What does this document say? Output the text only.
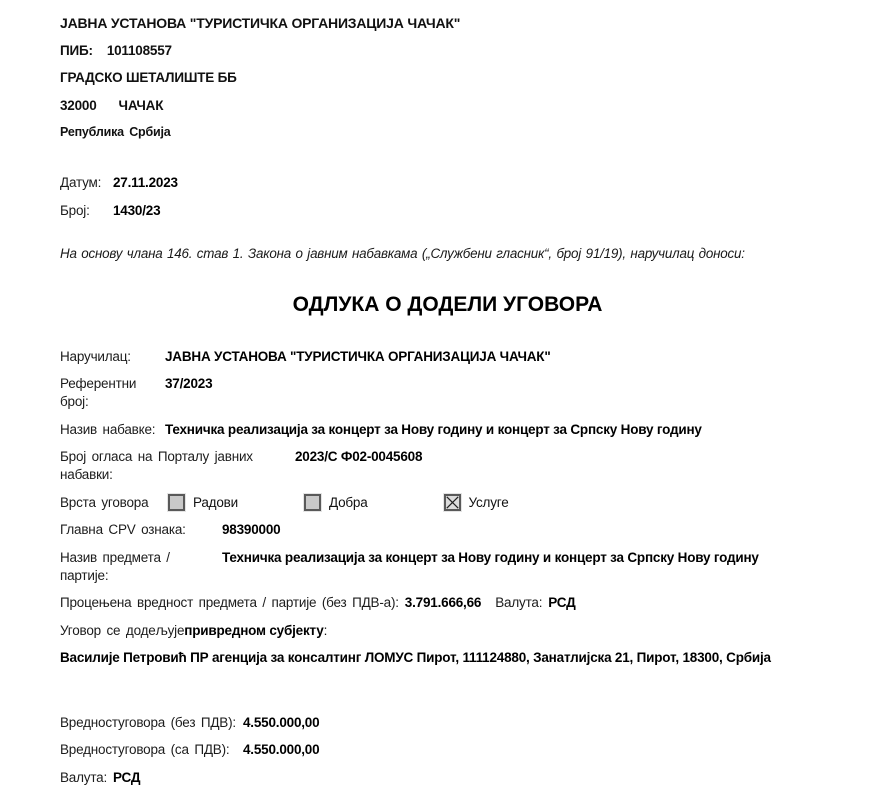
ЈАВНА УСТАНОВА "ТУРИСТИЧКА ОРГАНИЗАЦИЈА ЧАЧАК"
ПИБ: 101108557
ГРАДСКО ШЕТАЛИШТЕ ББ
32000 ЧАЧАК
Република Србија
Датум: 27.11.2023
Број:	1430/23
На основу члана 146. став 1. Закона о јавним набавкама („Службени гласник“, број 91/19), наручилац доноси:
ОДЛУКА О ДОДЕЛИ УГОВОРА
Наручилац:	ЈАВНА УСТАНОВА "ТУРИСТИЧКА ОРГАНИЗАЦИЈА ЧАЧАК"
Референтни број:
37/2023
Назив набавке: Техничка реализација за концерт за Нову годину и концерт за Српску Нову годину
Број огласа на Порталу јавних набавки:
2023/С Ф02-0045608
Врста уговора	Радови	Добра	Услуге
Главна CPV ознака:	98390000
Назив предмета / партије:
Техничка реализација за концерт за Нову годину и концерт за Српску Нову годину
Процењена вредност предмета / партије (без ПДВ-а): 3.791.666,66 Валута: РСД
Уговор се додељује привредном субјекту :
Василије Петровић ПР агенција за консалтинг ЛОМУС Пирот, 111124880, Занатлијска 21, Пирот, 18300, Србија
Вредностуговора (без ПДВ): 4.550.000,00
Вредностуговора (са ПДВ):	4.550.000,00
Валута: РСД
